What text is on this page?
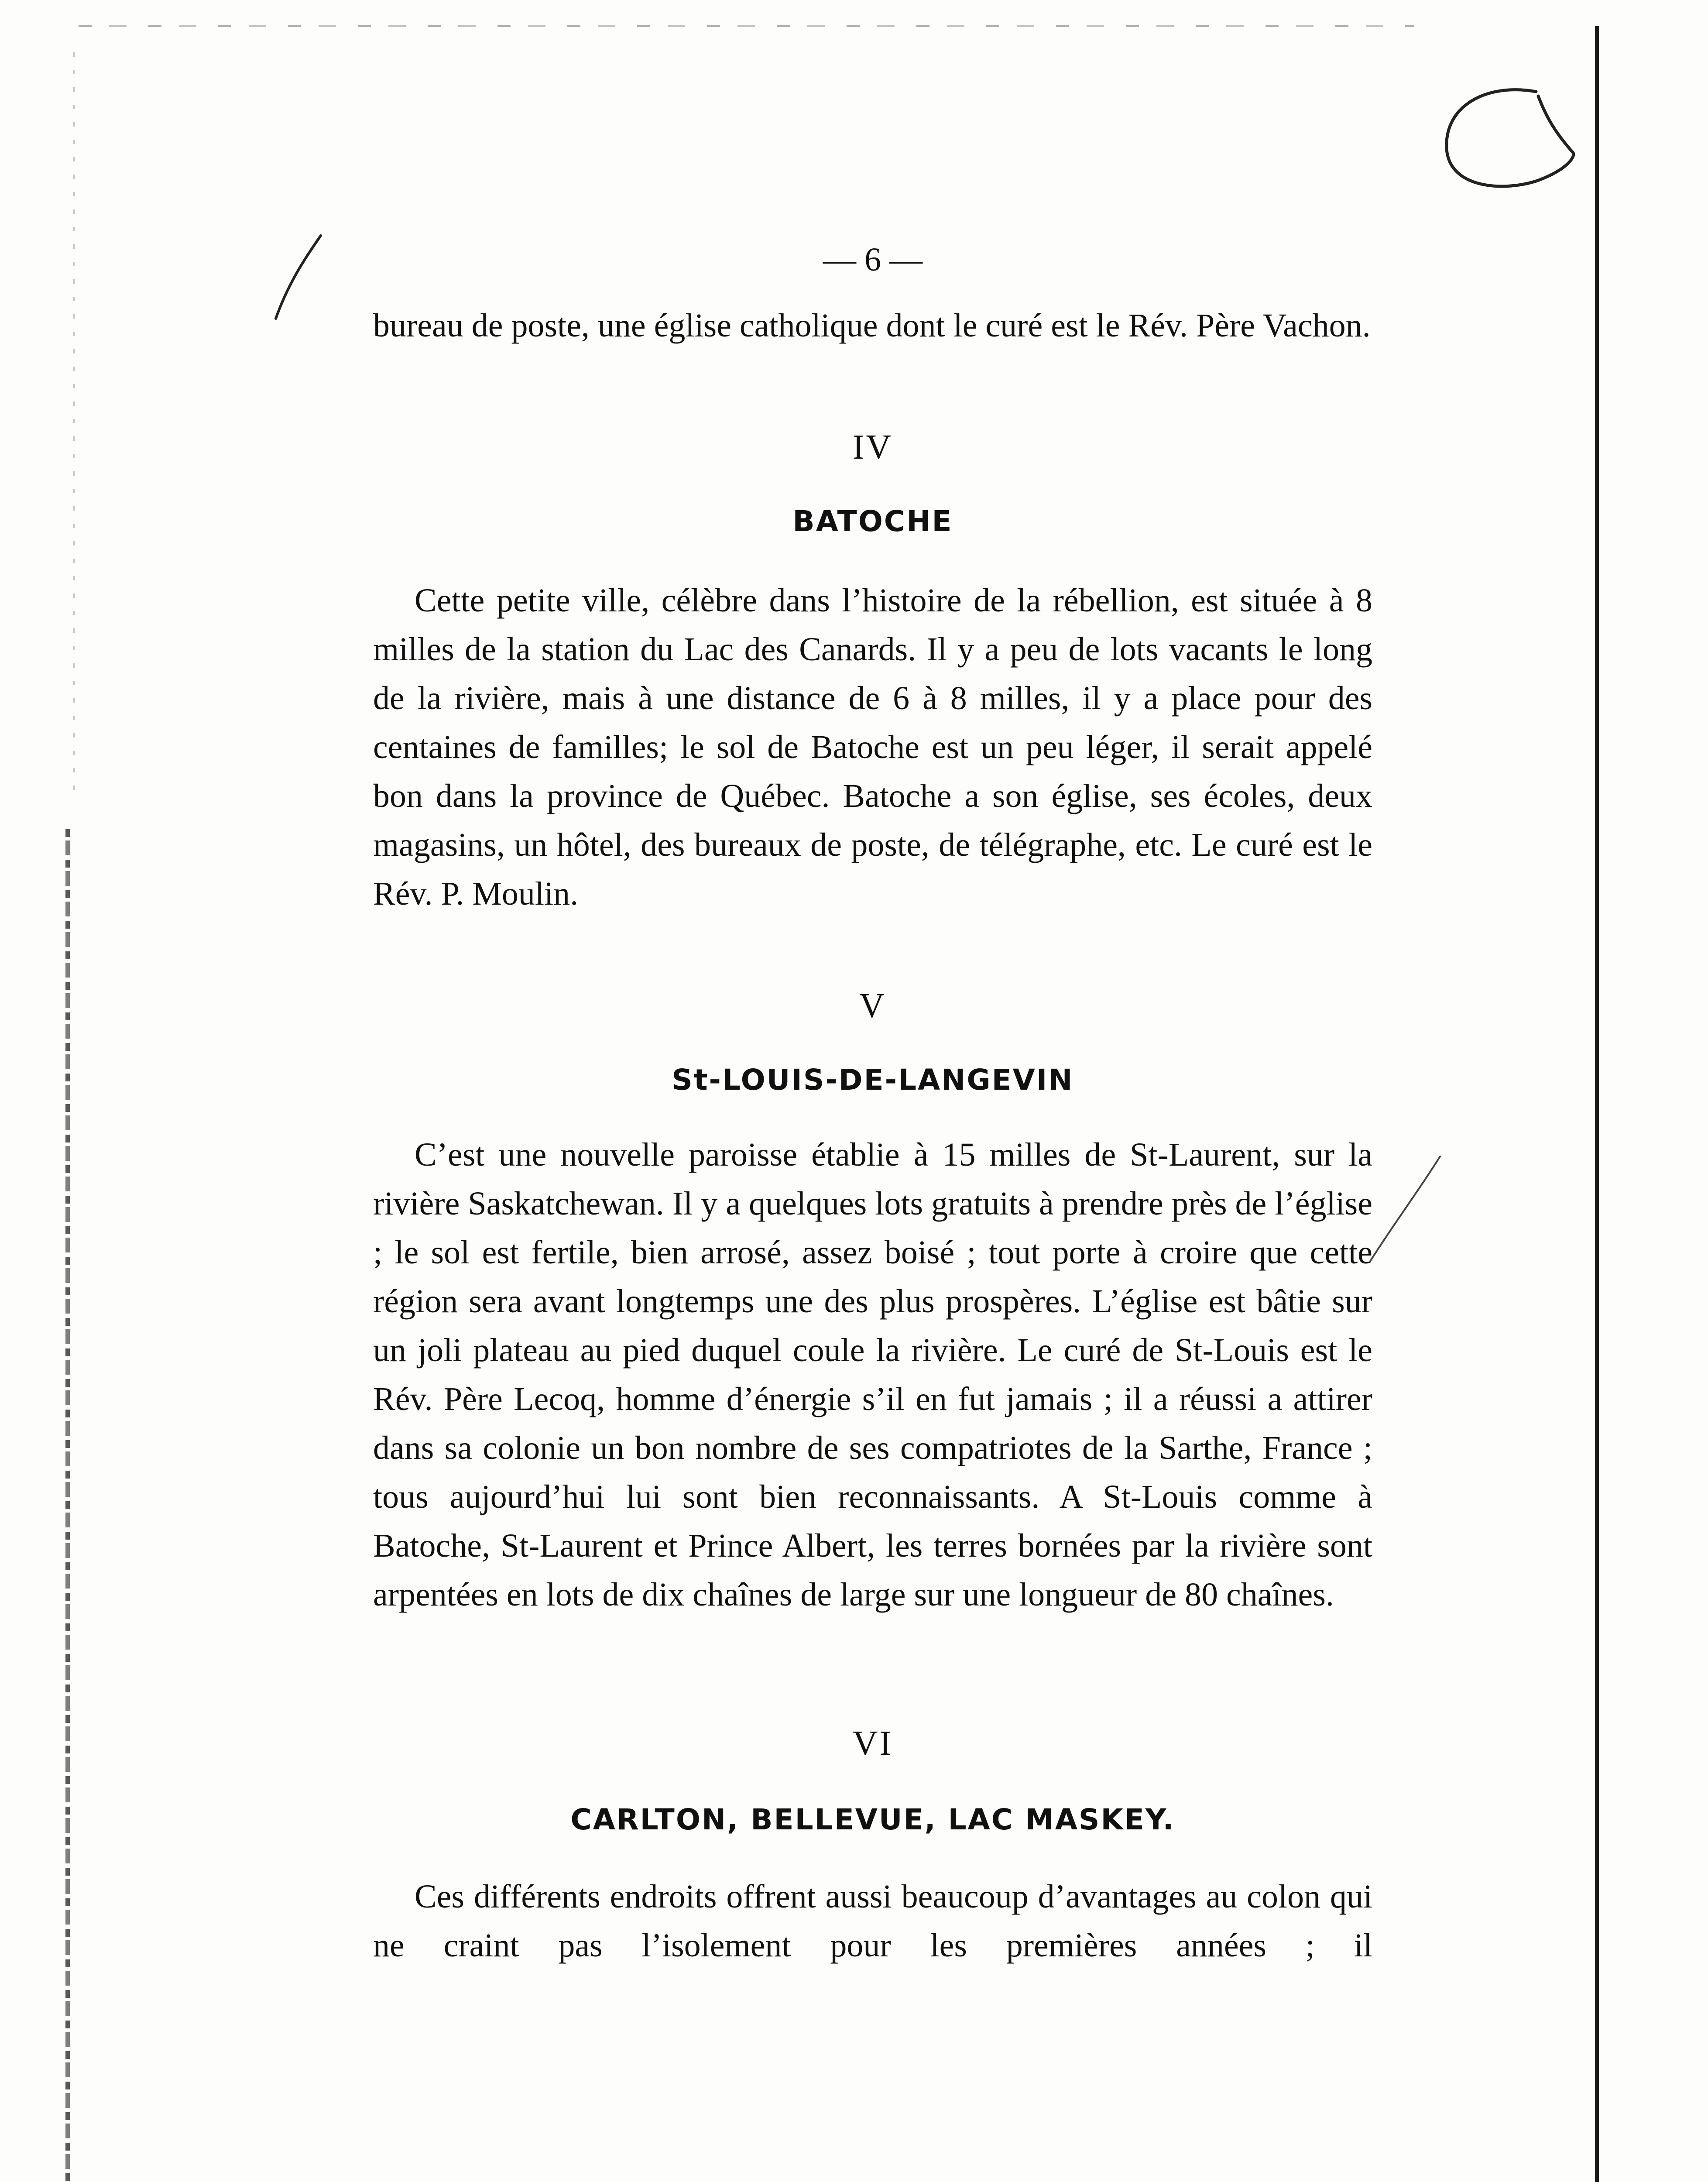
— 6 —

bureau de poste, une église catholique dont le curé est le Rév. Père Vachon.

IV
BATOCHE

Cette petite ville, célèbre dans l’histoire de la rébellion, est située à 8 milles de la station du Lac des Canards. Il y a peu de lots vacants le long de la rivière, mais à une distance de 6 à 8 milles, il y a place pour des centaines de familles; le sol de Batoche est un peu léger, il serait appelé bon dans la province de Québec. Batoche a son église, ses écoles, deux magasins, un hôtel, des bureaux de poste, de télégraphe, etc. Le curé est le Rév. P. Moulin.

V
St-LOUIS-DE-LANGEVIN

C’est une nouvelle paroisse établie à 15 milles de St-Laurent, sur la rivière Saskatchewan. Il y a quelques lots gratuits à prendre près de l’église ; le sol est fertile, bien arrosé, assez boisé ; tout porte à croire que cette région sera avant longtemps une des plus prospères. L’église est bâtie sur un joli plateau au pied duquel coule la rivière. Le curé de St-Louis est le Rév. Père Lecoq, homme d’énergie s’il en fut jamais ; il a réussi a attirer dans sa colonie un bon nombre de ses compatriotes de la Sarthe, France ; tous aujourd’hui lui sont bien reconnaissants. A St-Louis comme à Batoche, St-Laurent et Prince Albert, les terres bornées par la rivière sont arpentées en lots de dix chaînes de large sur une longueur de 80 chaînes.

VI
CARLTON, BELLEVUE, LAC MASKEY.

Ces différents endroits offrent aussi beaucoup d’avantages au colon qui ne craint pas l’isolement pour les premières années ; il
